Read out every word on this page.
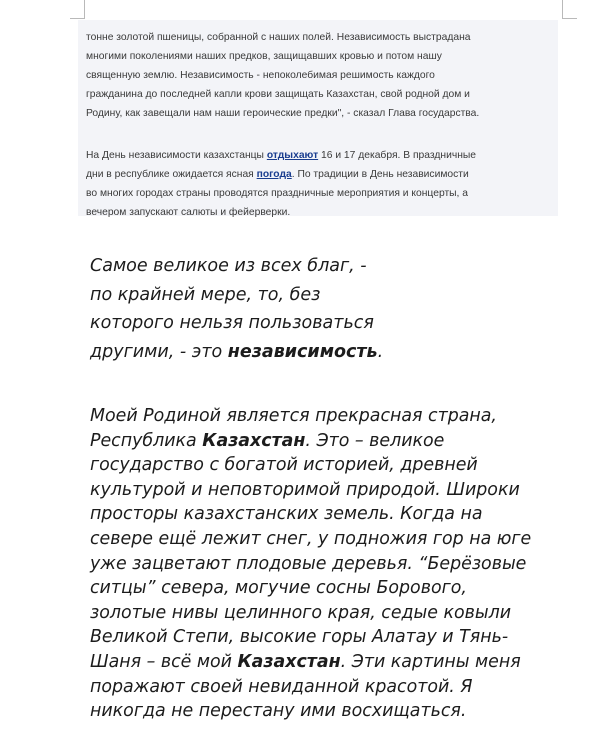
тонне золотой пшеницы, собранной с наших полей. Независимость выстрадана
многими поколениями наших предков, защищавших кровью и потом нашу
священную землю. Независимость - непоколебимая решимость каждого
гражданина до последней капли крови защищать Казахстан, свой родной дом и
Родину, как завещали нам наши героические предки", - сказал Глава государства.

На День независимости казахстанцы отдыхают 16 и 17 декабря. В праздничные
дни в республике ожидается ясная погода. По традиции в День независимости
во многих городах страны проводятся праздничные мероприятия и концерты, а
вечером запускают салюты и фейерверки.

Самое великое из всех благ, -
по крайней мере, то, без
которого нельзя пользоваться
другими, - это независимость.

Моей Родиной является прекрасная страна,
Республика Казахстан. Это – великое
государство с богатой историей, древней
культурой и неповторимой природой. Широки
просторы казахстанских земель. Когда на
севере ещё лежит снег, у подножия гор на юге
уже зацветают плодовые деревья. “Берёзовые
ситцы” севера, могучие сосны Борового,
золотые нивы целинного края, седые ковыли
Великой Степи, высокие горы Алатау и Тянь-
Шаня – всё мой Казахстан. Эти картины меня
поражают своей невиданной красотой. Я
никогда не перестану ими восхищаться.
